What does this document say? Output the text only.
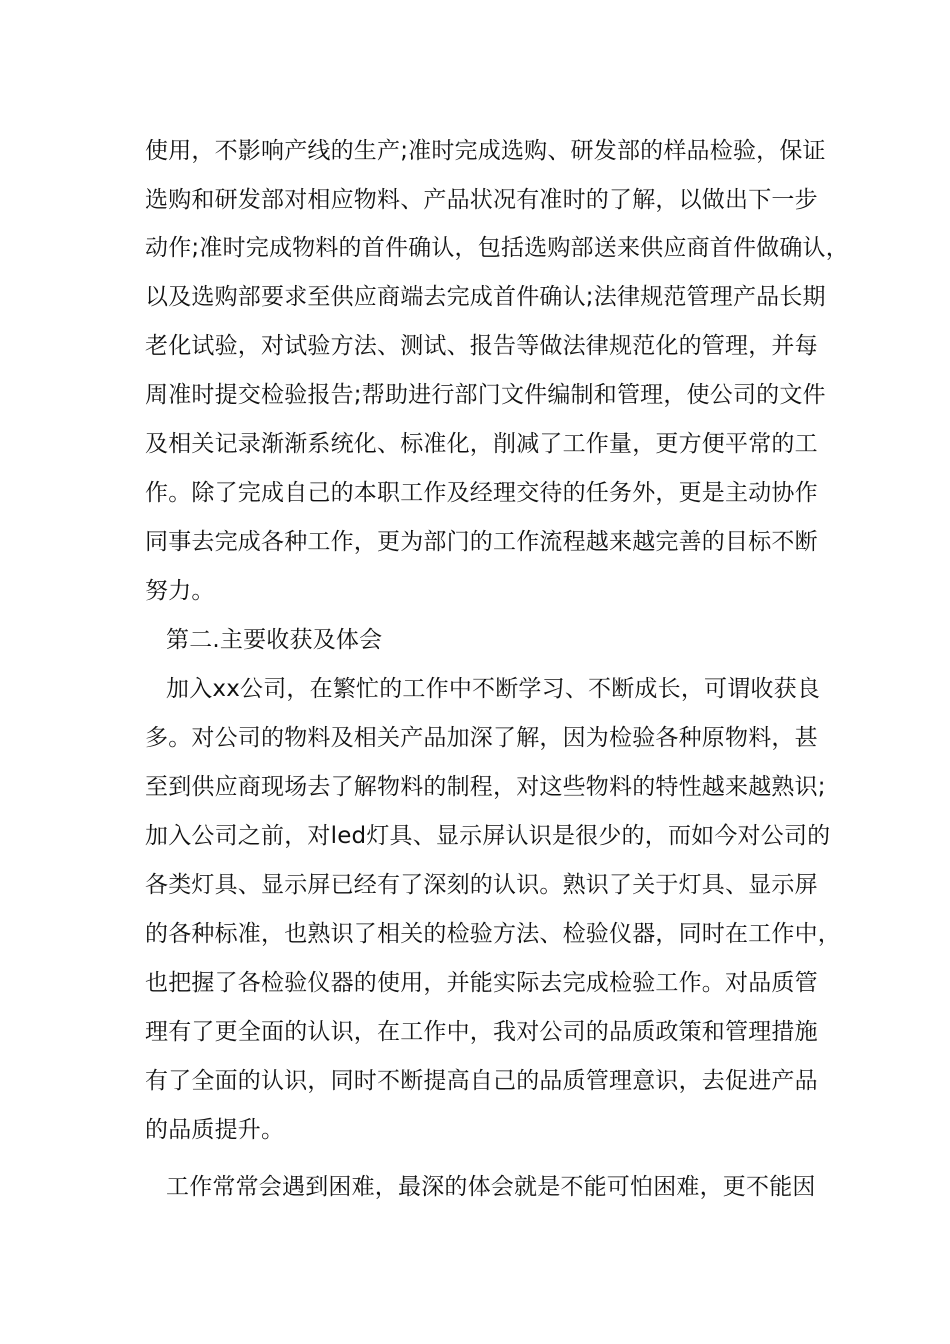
使用，不影响产线的生产;准时完成选购、研发部的样品检验，保证
选购和研发部对相应物料、产品状况有准时的了解，以做出下一步
动作;准时完成物料的首件确认，包括选购部送来供应商首件做确认，
以及选购部要求至供应商端去完成首件确认;法律规范管理产品长期
老化试验，对试验方法、测试、报告等做法律规范化的管理，并每
周准时提交检验报告;帮助进行部门文件编制和管理，使公司的文件
及相关记录渐渐系统化、标准化，削减了工作量，更方便平常的工
作。除了完成自己的本职工作及经理交待的任务外，更是主动协作
同事去完成各种工作，更为部门的工作流程越来越完善的目标不断
努力。
第二.主要收获及体会
加入xx公司，在繁忙的工作中不断学习、不断成长，可谓收获良
多。对公司的物料及相关产品加深了解，因为检验各种原物料，甚
至到供应商现场去了解物料的制程，对这些物料的特性越来越熟识;
加入公司之前，对led灯具、显示屏认识是很少的，而如今对公司的
各类灯具、显示屏已经有了深刻的认识。熟识了关于灯具、显示屏
的各种标准，也熟识了相关的检验方法、检验仪器，同时在工作中，
也把握了各检验仪器的使用，并能实际去完成检验工作。对品质管
理有了更全面的认识，在工作中，我对公司的品质政策和管理措施
有了全面的认识，同时不断提高自己的品质管理意识，去促进产品
的品质提升。
工作常常会遇到困难，最深的体会就是不能可怕困难，更不能因
